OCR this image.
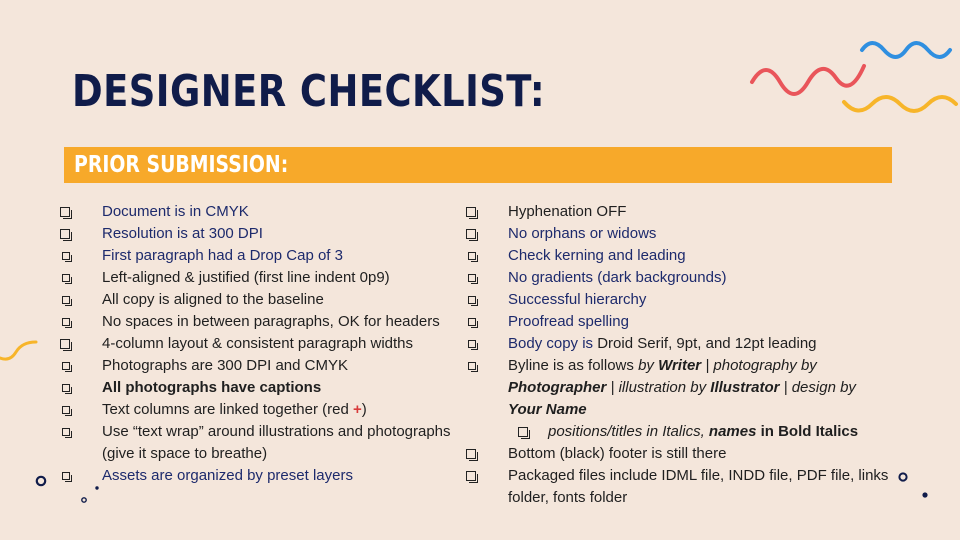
DESIGNER CHECKLIST:
PRIOR SUBMISSION:
Document is in CMYK
Resolution is at 300 DPI
First paragraph had a Drop Cap of 3
Left-aligned & justified (first line indent 0p9)
All copy is aligned to the baseline
No spaces in between paragraphs, OK for headers
4-column layout & consistent paragraph widths
Photographs are 300 DPI and CMYK
All photographs have captions
Text columns are linked together (red +)
Use “text wrap” around illustrations and photographs (give it space to breathe)
Assets are organized by preset layers
Hyphenation OFF
No orphans or widows
Check kerning and leading
No gradients (dark backgrounds)
Successful hierarchy
Proofread spelling
Body copy is Droid Serif, 9pt, and 12pt leading
Byline is as follows by Writer | photography by Photographer | illustration by Illustrator | design by
Your Name
positions/titles in Italics, names in Bold Italics
Bottom (black) footer is still there
Packaged files include IDML file, INDD file, PDF file, links folder, fonts folder
